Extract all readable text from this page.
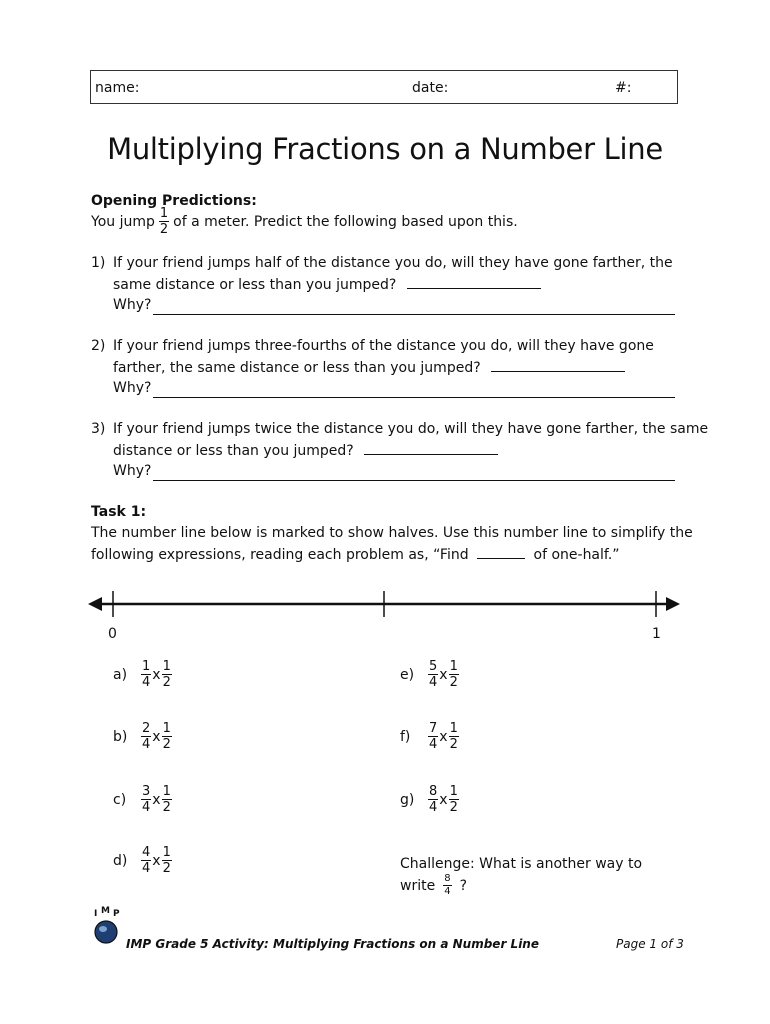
name:	date:	#:
Multiplying Fractions on a Number Line
Opening Predictions:
You jump $\frac{1}{2}$ of a meter. Predict the following based upon this.
1) If your friend jumps half of the distance you do, will they have gone farther, the
same distance or less than you jumped?
Why?
2) If your friend jumps three-fourths of the distance you do, will they have gone
farther, the same distance or less than you jumped?
Why?
3) If your friend jumps twice the distance you do, will they have gone farther, the same
distance or less than you jumped?
Why?
Task 1:
The number line below is marked to show halves. Use this number line to simplify the
following expressions, reading each problem as, “Find	of one-half.”
0	1
a)	$\frac{1}{4}$ x $\frac{1}{2}$
b)	$\frac{2}{4}$ x $\frac{1}{2}$
c)	$\frac{3}{4}$ x $\frac{1}{2}$
d)	$\frac{4}{4}$ x $\frac{1}{2}$
e)	$\frac{5}{4}$ x $\frac{1}{2}$
f)	$\frac{7}{4}$ x $\frac{1}{2}$
g)	$\frac{8}{4}$ x $\frac{1}{2}$
Challenge: What is another way to
write $\frac{8}{4}$ ?
I M P
IMP Grade 5 Activity: Multiplying Fractions on a Number Line	Page 1 of 3
